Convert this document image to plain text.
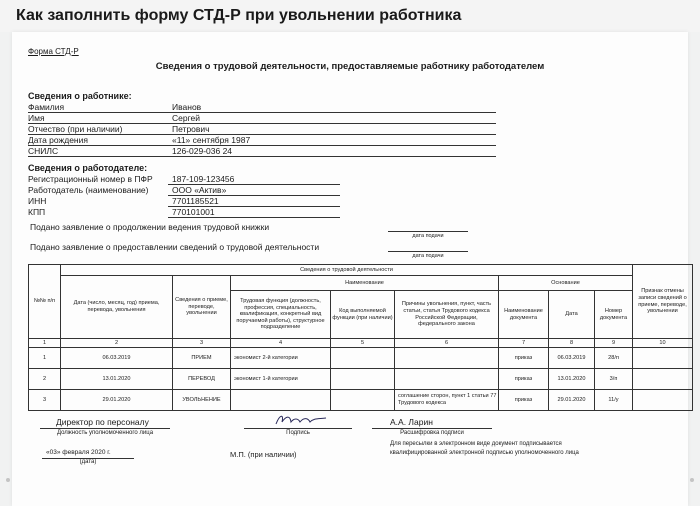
Как заполнить форму СТД-Р при увольнении работника
Форма СТД-Р
Сведения о трудовой деятельности, предоставляемые работнику работодателем
Сведения о работнике:
Фамилия	Иванов
Имя	Сергей
Отчество (при наличии)	Петрович
Дата рождения	«11» сентября 1987
СНИЛС	126-029-036 24
Сведения о работодателе:
Регистрационный номер в ПФР 187-109-123456
Работодатель (наименование)	ООО «Актив»
ИНН	7701185521
КПП	770101001
Подано заявление о продолжении ведения трудовой книжки
дата подачи
Подано заявление о предоставлении сведений о трудовой деятельности
дата подачи
№№ п/п	Сведения о трудовой деятельности								Признак отмены записи сведений о приеме, переводе, увольнении
	Дата (число, месяц, год) приема, перевода, увольнения	Сведения о приеме, переводе, увольнении	Наименование			Основание			
			Трудовая функция (должность, профессия, специальность, квалификация, конкретный вид поручаемой работы), структурное подразделение	Код выполняемой функции (при наличии)	Причины увольнения, пункт, часть статьи, статья Трудового кодекса Российской Федерации, федерального закона	Наименование документа	Дата	Номер документа	
1	2	3	4	5	6	7	8	9	10
1	06.03.2019	ПРИЕМ	экономист 2-й категории			приказ	06.03.2019	28/п	
2	13.01.2020	ПЕРЕВОД	экономист 1-й категории			приказ	13.01.2020	3/п	
3	29.01.2020	УВОЛЬНЕНИЕ			соглашение сторон, пункт 1 статьи 77 Трудового кодекса	приказ	29.01.2020	11/у	
Директор по персоналу
Должность уполномоченного лица	Подпись
А.А. Ларин
Расшифровка подписи
«03» февраля 2020 г.
(дата)
М.П. (при наличии)
Для пересылки в электронном виде документ подписывается
квалифицированной электронной подписью уполномоченного лица
